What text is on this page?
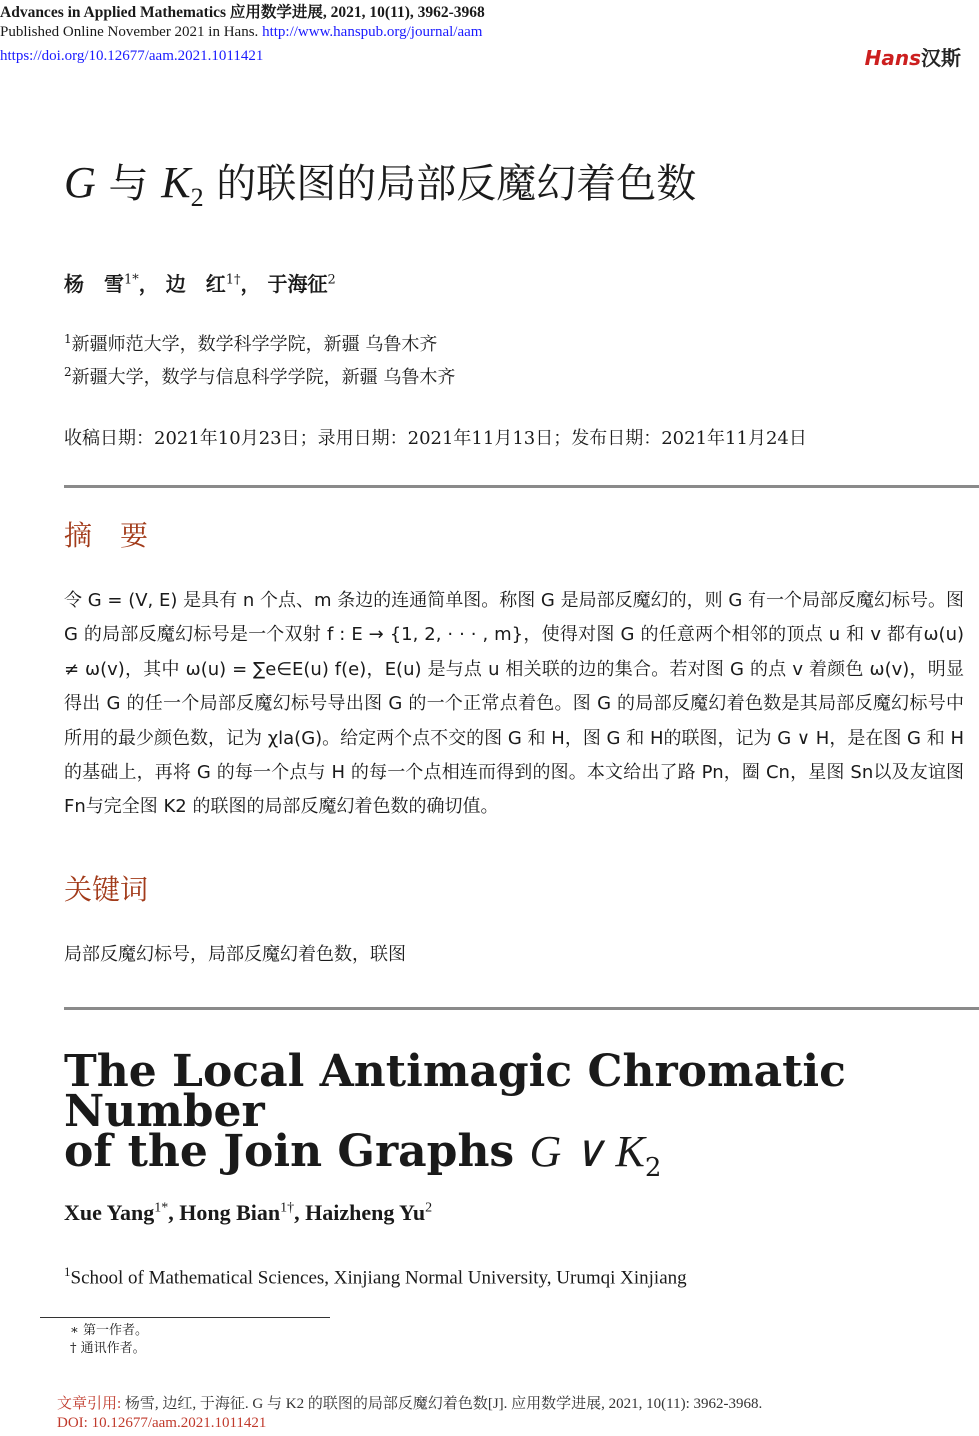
Advances in Applied Mathematics 应用数学进展, 2021, 10(11), 3962-3968
Published Online November 2021 in Hans. http://www.hanspub.org/journal/aam
https://doi.org/10.12677/aam.2021.1011421	Hans汉斯
G 与 $K_2$ 的联图的局部反魔幻着色数
杨　雪$^{1*}$， 边　红$^{1\dagger}$， 于海征$^2$
$^1$新疆师范大学，数学科学学院，新疆 乌鲁木齐
$^2$新疆大学，数学与信息科学学院，新疆 乌鲁木齐
收稿日期：2021年10月23日；录用日期：2021年11月13日；发布日期：2021年11月24日
摘　要
令 G = (V, E) 是具有 n 个点、m 条边的连通简单图。称图 G 是局部反魔幻的，则 G 有一个局部反魔幻标号。图 G 的局部反魔幻标号是一个双射 f : E → {1, 2, · · · , m}，使得对图 G 的任意两个相邻的顶点 u 和 v 都有ω(u) ≠ ω(v)，其中 ω(u) = ∑e∈E(u) f(e)，E(u) 是与点 u 相关联的边的集合。若对图 G 的点 v 着颜色 ω(v)，明显得出 G 的任一个局部反魔幻标号导出图 G 的一个正常点着色。图 G 的局部反魔幻着色数是其局部反魔幻标号中所用的最少颜色数，记为 χla(G)。给定两个点不交的图 G 和 H，图 G 和 H的联图，记为 G ∨ H，是在图 G 和 H 的基础上，再将 G 的每一个点与 H 的每一个点相连而得到的图。本文给出了路 Pn，圈 Cn，星图 Sn以及友谊图 Fn与完全图 K2 的联图的局部反魔幻着色数的确切值。
关键词
局部反魔幻标号，局部反魔幻着色数，联图
The Local Antimagic Chromatic Number
of the Join Graphs G ∨ $K_2$
Xue Yang$^{1*}$, Hong Bian$^{1\dagger}$, Haizheng Yu$^2$
$^1$School of Mathematical Sciences, Xinjiang Normal University, Urumqi Xinjiang
∗ 第一作者。
† 通讯作者。
文章引用: 杨雪, 边红, 于海征. G 与 K2 的联图的局部反魔幻着色数[J]. 应用数学进展, 2021, 10(11): 3962-3968.
DOI: 10.12677/aam.2021.1011421
